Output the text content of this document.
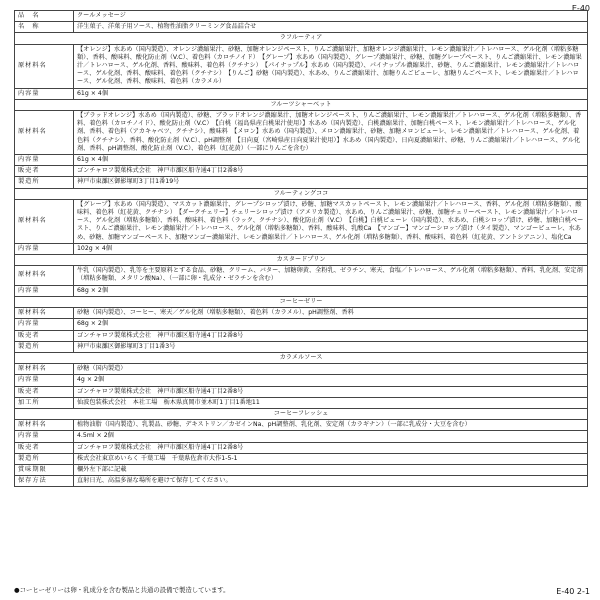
E-40
品　名	クールメッセージ
名　称	洋生菓子、洋菓子用ソース、植物性油脂クリーミング食品詰合せ
ラフルーティア	
原材料名	【オレンジ】水あめ（国内製造）、オレンジ濃縮果汁、砂糖、加糖オレンジペースト、りんご濃縮果汁、加糖オレンジ濃縮果汁、レモン濃縮果汁／トレハロース、ゲル化剤（増粘多糖類）、香料、酸味料、酸化防止剤（V.C）、着色料（カロチノイド）　【グレープ】水あめ（国内製造）、グレープ濃縮果汁、砂糖、加糖グレープペースト、りんご濃縮果汁、レモン濃縮果汁／トレハロース、ゲル化剤、香料、酸味料、着色料（クチナシ）　【パイナップル】水あめ（国内製造）、パイナップル濃縮果汁、砂糖、りんご濃縮果汁、レモン濃縮果汁／トレハロース、ゲル化剤、香料、酸味料、着色料（クチナシ）　【りんご】砂糖（国内製造）、水あめ、りんご濃縮果汁、加糖りんごピューレ、加糖りんごペースト、レモン濃縮果汁／トレハロース、ゲル化剤、香料、酸味料、着色料（カラメル）
内容量	61g × 4個
フルーツシャーベット	
原材料名	【ブラッドオレンジ】水あめ（国内製造）、砂糖、ブラッドオレンジ濃縮果汁、加糖オレンジペースト、りんご濃縮果汁、レモン濃縮果汁／トレハロース、ゲル化剤（増粘多糖類）、香料、着色料（カロチノイド）、酸化防止剤（V.C）　【白桃（福島県産白桃果汁使用）】水あめ（国内製造）、白桃濃縮果汁、加糖白桃ペースト、レモン濃縮果汁／トレハロース、ゲル化剤、香料、着色料（アカキャベツ、クチナシ）、酸味料　【メロン】水あめ（国内製造）、メロン濃縮果汁、砂糖、加糖メロンピューレ、レモン濃縮果汁／トレハロース、ゲル化剤、着色料（クチナシ）、香料、酸化防止剤（V.C）、pH調整剤　【日向夏（宮崎県産日向夏果汁使用）】水あめ（国内製造）、日向夏濃縮果汁、砂糖、りんご濃縮果汁／トレハロース、ゲル化剤、香料、pH調整剤、酸化防止剤（V.C）、着色料（紅花黄）（一部にりんごを含む）
内容量	61g × 4個
販売者	ゴンチャロフ製菓株式会社　神戸市灘区船寺通4丁目2番8号
製造所	神戸市東灘区御影塚町3丁目1番19号
フルーティングココ	
原材料名	【グレープ】水あめ（国内製造）、マスカット濃縮果汁、グレープシロップ漬け、砂糖、加糖マスカットペースト、レモン濃縮果汁／トレハロース、香料、ゲル化剤（増粘多糖類）、酸味料、着色料（紅花黄、クチナシ）　【ダークチェリー】チェリーシロップ漬け（アメリカ製造）、水あめ、りんご濃縮果汁、砂糖、加糖チェリーペースト、レモン濃縮果汁／トレハロース、ゲル化剤（増粘多糖類）、香料、酸味料、着色料（ラック、クチナシ）、酸化防止剤（V.C）　【白桃】白桃ピューレ（国内製造）、水あめ、白桃シロップ漬け、砂糖、加糖白桃ペースト、りんご濃縮果汁、レモン濃縮果汁／トレハロース、ゲル化剤（増粘多糖類）、香料、酸味料、乳酸Ca　【マンゴー】マンゴーシロップ漬け（タイ製造）、マンゴーピューレ、水あめ、砂糖、加糖マンゴーペースト、加糖マンゴー濃縮果汁、レモン濃縮果汁／トレハロース、ゲル化剤（増粘多糖類）、香料、酸味料、着色料（紅花黄、アントシアニン）、塩化Ca
内容量	102g × 4個
カスタードプリン	
原材料名	牛乳（国内製造）、乳等を主要原料とする食品、砂糖、クリーム、バター、加糖卵黄、全粉乳、ゼラチン、寒天、食塩／トレハロース、ゲル化剤（増粘多糖類）、香料、乳化剤、安定剤（増粘多糖類、メタリン酸Na）、（一部に卵・乳成分・ゼラチンを含む）
内容量	68g × 2個
コーヒーゼリー	
原材料名	砂糖（国内製造）、コーヒー、寒天／ゲル化剤（増粘多糖類）、着色料（カラメル）、pH調整剤、香料
内容量	68g × 2個
販売者	ゴンチャロフ製菓株式会社　神戸市灘区船寺通4丁目2番8号
製造所	神戸市東灘区御影塚町3丁目1番3号
カラメルソース	
原材料名	砂糖（国内製造）
内容量	4g × 2個
販売者	ゴンチャロフ製菓株式会社　神戸市灘区船寺通4丁目2番8号
加工所	仙波包装株式会社　本社工場　栃木県真岡市並木町1丁目1番地11
コーヒーフレッシュ	
原材料名	植物油脂（国内製造）、乳製品、砂糖、デキストリン／カゼインNa、pH調整剤、乳化剤、安定剤（カラギナン）（一部に乳成分・大豆を含む）
内容量	4.5ml × 2個
販売者	ゴンチャロフ製菓株式会社　神戸市灘区船寺通4丁目2番8号
製造所	株式会社東京めいらく 千葉工場　千葉県佐倉市大作1-5-1
賞味期限	欄外左下部に記載
保存方法	直射日光、高温多湿な場所を避けて保存してください。
●コーヒーゼリーは卵・乳成分を含む製品と共通の設備で製造しています。	E-40 2-1
